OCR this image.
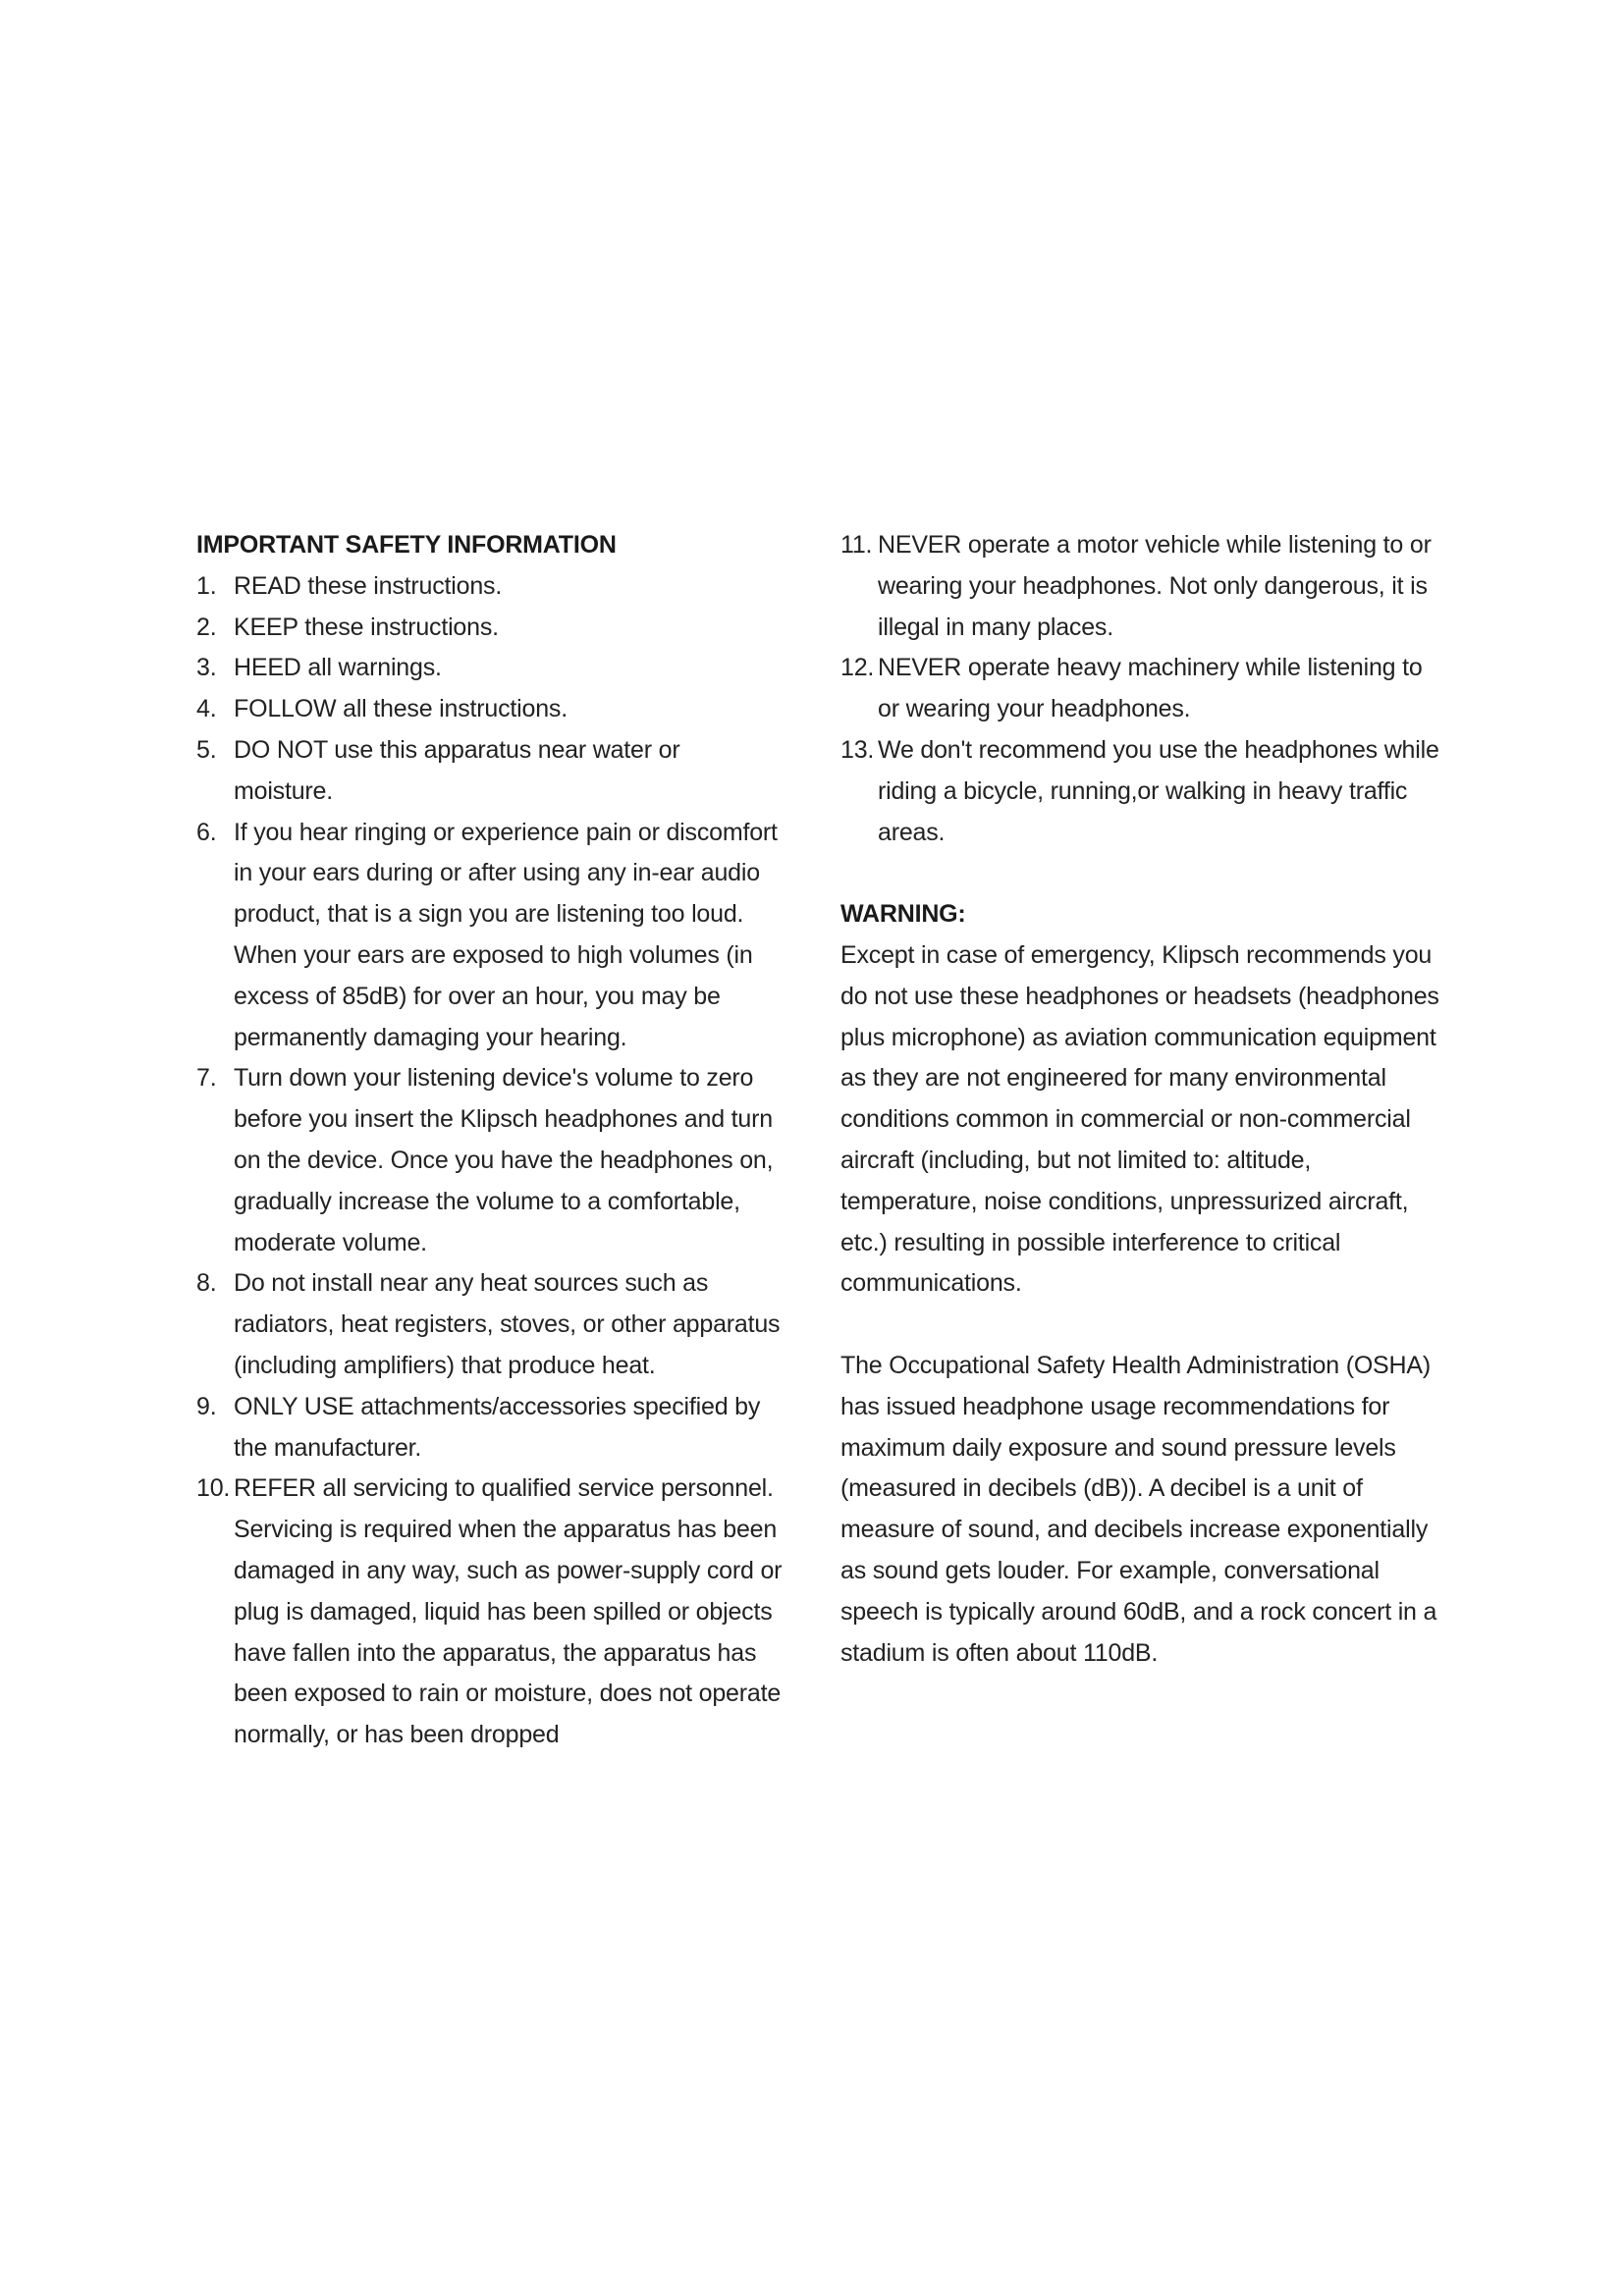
IMPORTANT SAFETY INFORMATION

1. READ these instructions.
2. KEEP these instructions.
3. HEED all warnings.
4. FOLLOW all these instructions.
5. DO NOT use this apparatus near water or moisture.
6. If you hear ringing or experience pain or discomfort in your ears during or after using any in-ear audio product, that is a sign you are listening too loud. When your ears are exposed to high volumes (in excess of 85dB) for over an hour, you may be permanently damaging your hearing.
7. Turn down your listening device's volume to zero before you insert the Klipsch headphones and turn on the device. Once you have the headphones on, gradually increase the volume to a comfortable, moderate volume.
8. Do not install near any heat sources such as radiators, heat registers, stoves, or other apparatus (including amplifiers) that produce heat.
9. ONLY USE attachments/accessories specified by the manufacturer.
10. REFER all servicing to qualified service personnel. Servicing is required when the apparatus has been damaged in any way, such as power-supply cord or plug is damaged, liquid has been spilled or objects have fallen into the apparatus, the apparatus has been exposed to rain or moisture, does not operate normally, or has been dropped
11. NEVER operate a motor vehicle while listening to or wearing your headphones. Not only dangerous, it is illegal in many places.
12. NEVER operate heavy machinery while listening to or wearing your headphones.
13. We don't recommend you use the headphones while riding a bicycle, running,or walking in heavy traffic areas.

WARNING:

Except in case of emergency, Klipsch recommends you do not use these headphones or headsets (headphones plus microphone) as aviation communication equipment as they are not engineered for many environmental conditions common in commercial or non-commercial aircraft (including, but not limited to: altitude, temperature, noise conditions, unpressurized aircraft, etc.) resulting in possible interference to critical communications.

The Occupational Safety Health Administration (OSHA) has issued headphone usage recommendations for maximum daily exposure and sound pressure levels (measured in decibels (dB)). A decibel is a unit of measure of sound, and decibels increase exponentially as sound gets louder. For example, conversational speech is typically around 60dB, and a rock concert in a stadium is often about 110dB.
